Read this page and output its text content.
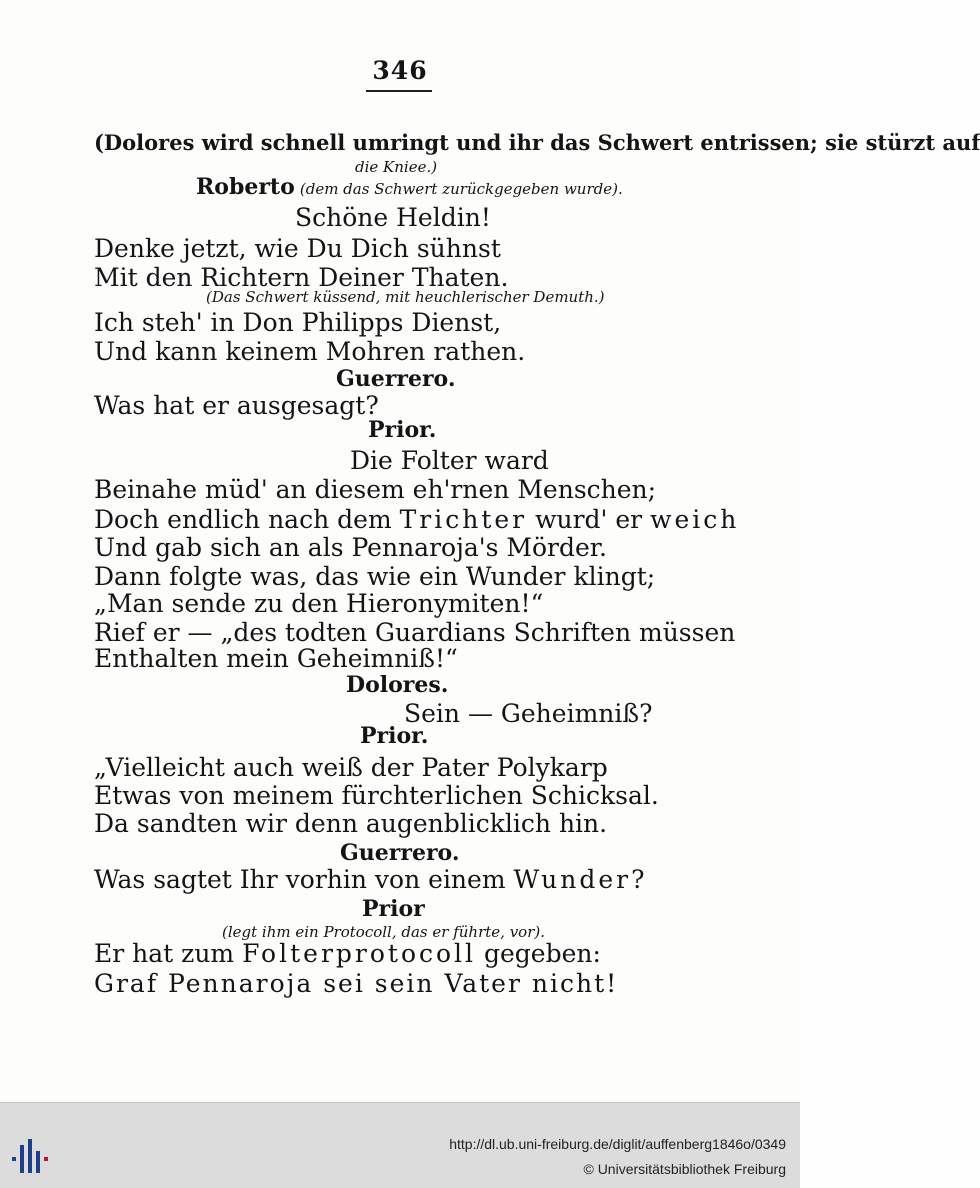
346
(Dolores wird schnell umringt und ihr das Schwert entrissen; sie stürzt auf
die Kniee.)
Roberto (dem das Schwert zurückgegeben wurde).
Schöne Heldin!
Denke jetzt, wie Du Dich sühnst
Mit den Richtern Deiner Thaten.
(Das Schwert küssend, mit heuchlerischer Demuth.)
Ich steh' in Don Philipps Dienst,
Und kann keinem Mohren rathen.
Guerrero.
Was hat er ausgesagt?
Prior.
Die Folter ward
Beinahe müd' an diesem eh'rnen Menschen;
Doch endlich nach dem Trichter wurd' er weich
Und gab sich an als Pennaroja's Mörder.
Dann folgte was, das wie ein Wunder klingt;
„Man sende zu den Hieronymiten!“
Rief er — „des todten Guardians Schriften müssen
Enthalten mein Geheimniß!“
Dolores.
Sein — Geheimniß?
Prior.
„Vielleicht auch weiß der Pater Polykarp
Etwas von meinem fürchterlichen Schicksal.
Da sandten wir denn augenblicklich hin.
Guerrero.
Was sagtet Ihr vorhin von einem Wunder?
Prior
(legt ihm ein Protocoll, das er führte, vor).
Er hat zum Folterprotocoll gegeben:
Graf Pennaroja sei sein Vater nicht!
http://dl.ub.uni-freiburg.de/diglit/auffenberg1846o/0349
© Universitätsbibliothek Freiburg
